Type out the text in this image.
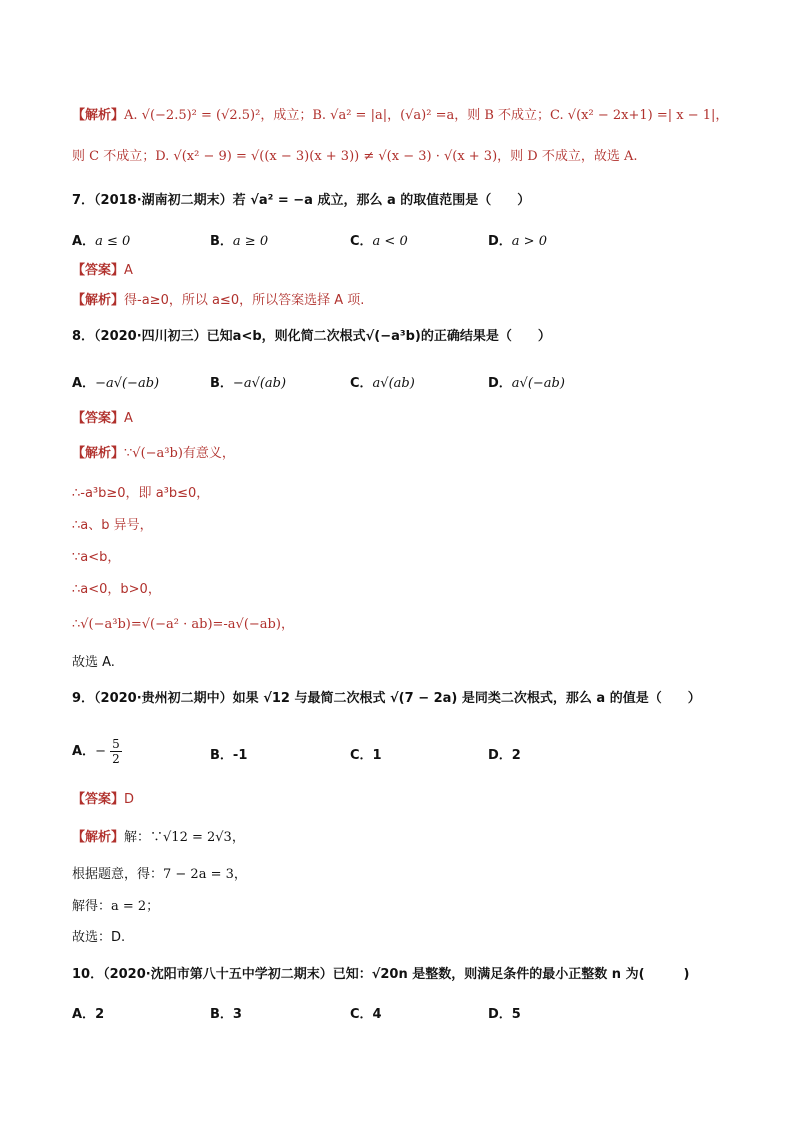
【解析】A. √(−2.5)² = (√2.5)²，成立；B. √a² = |a|，(√a)² =a，则 B 不成立；C. √(x² − 2x+1) =| x − 1|，
则 C 不成立；D. √(x² − 9) = √((x − 3)(x + 3)) ≠ √(x − 3) · √(x + 3)，则 D 不成立，故选 A.
7．（2018·湖南初二期末）若 √a² = −a 成立，那么 a 的取值范围是（　　）
A．a ≤ 0	B．a ≥ 0	C．a < 0	D．a > 0
【答案】A
【解析】得-a≥0，所以 a≤0，所以答案选择 A 项.
8．（2020·四川初三）已知a<b，则化简二次根式√(−a³b)的正确结果是（　　）
A．−a√(−ab)	B．−a√(ab)	C．a√(ab)	D．a√(−ab)
【答案】A
【解析】∵√(−a³b)有意义，
∴-a³b≥0，即 a³b≤0，
∴a、b 异号，
∵a<b，
∴a<0，b>0，
∴√(−a³b)=√(−a² · ab)=-a√(−ab)，
故选 A.
9．（2020·贵州初二期中）如果 √12 与最简二次根式 √(7 − 2a) 是同类二次根式，那么 a 的值是（　　）
A．− $\frac{5}{2}$	B．-1	C．1	D．2
【答案】D
【解析】解：∵√12 = 2√3，
根据题意，得：7 − 2a = 3，
解得：a = 2；
故选：D.
10．（2020·沈阳市第八十五中学初二期末）已知：√20n 是整数，则满足条件的最小正整数 n 为(　　　)
A．2	B．3	C．4	D．5
